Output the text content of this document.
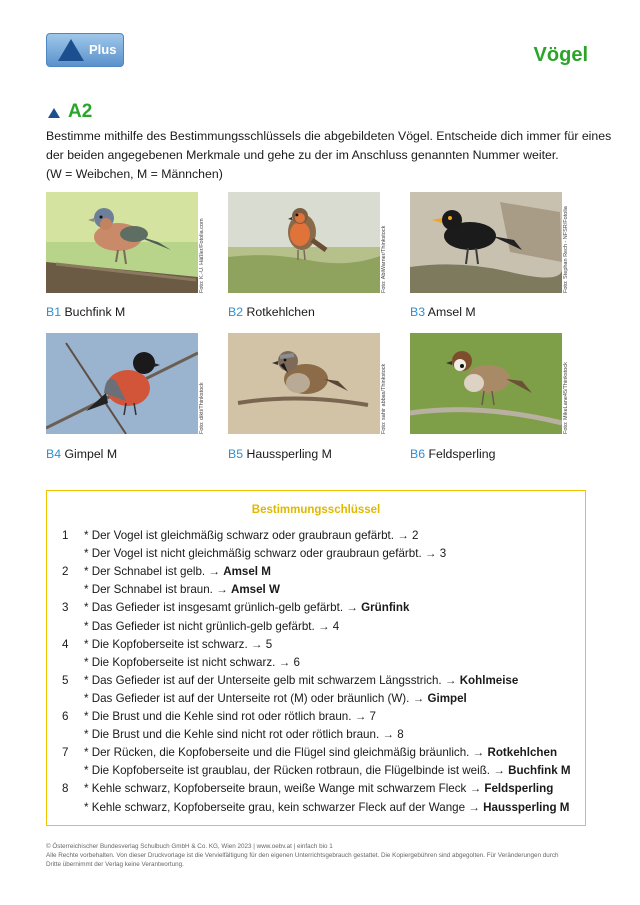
Plus	Vögel
A2
Bestimme mithilfe des Bestimmungsschlüssels die abgebildeten Vögel. Entscheide dich immer für eines
der beiden angegebenen Merkmale und gehe zu der im Anschluss genannten Nummer weiter.
(W = Weibchen, M = Männchen)
Foto: K.-U. Häßler/Fotolia.com	Foto: AbiWarner/Thinkstock	Foto: Stephan Rech - NFSR/Fotolia
B1 Buchfink M	B2 Rotkehlchen	B3 Amsel M
Foto: dikti/Thinkstock	Foto: sahir abbas/Thinkstock	Foto: MikeLane45/Thinkstock
B4 Gimpel M	B5 Haussperling M	B6 Feldsperling
Bestimmungsschlüssel
1 * Der Vogel ist gleichmäßig schwarz oder graubraun gefärbt. → 2
* Der Vogel ist nicht gleichmäßig schwarz oder graubraun gefärbt. → 3
2 * Der Schnabel ist gelb. → Amsel M
* Der Schnabel ist braun. → Amsel W
3 * Das Gefieder ist insgesamt grünlich-gelb gefärbt. → Grünfink
* Das Gefieder ist nicht grünlich-gelb gefärbt. → 4
4 * Die Kopfoberseite ist schwarz. → 5
* Die Kopfoberseite ist nicht schwarz. → 6
5 * Das Gefieder ist auf der Unterseite gelb mit schwarzem Längsstrich. → Kohlmeise
* Das Gefieder ist auf der Unterseite rot (M) oder bräunlich (W). → Gimpel
6 * Die Brust und die Kehle sind rot oder rötlich braun. → 7
* Die Brust und die Kehle sind nicht rot oder rötlich braun. → 8
7 * Der Rücken, die Kopfoberseite und die Flügel sind gleichmäßig bräunlich. → Rotkehlchen
* Die Kopfoberseite ist graublau, der Rücken rotbraun, die Flügelbinde ist weiß. → Buchfink M
8 * Kehle schwarz, Kopfoberseite braun, weiße Wange mit schwarzem Fleck → Feldsperling
* Kehle schwarz, Kopfoberseite grau, kein schwarzer Fleck auf der Wange → Haussperling M
© Österreichischer Bundesverlag Schulbuch GmbH & Co. KG, Wien 2023 | www.oebv.at | einfach bio 1
Alle Rechte vorbehalten. Von dieser Druckvorlage ist die Vervielfältigung für den eigenen Unterrichtsgebrauch gestattet. Die Kopiergebühren sind abgegolten. Für Veränderungen durch
Dritte übernimmt der Verlag keine Verantwortung.
